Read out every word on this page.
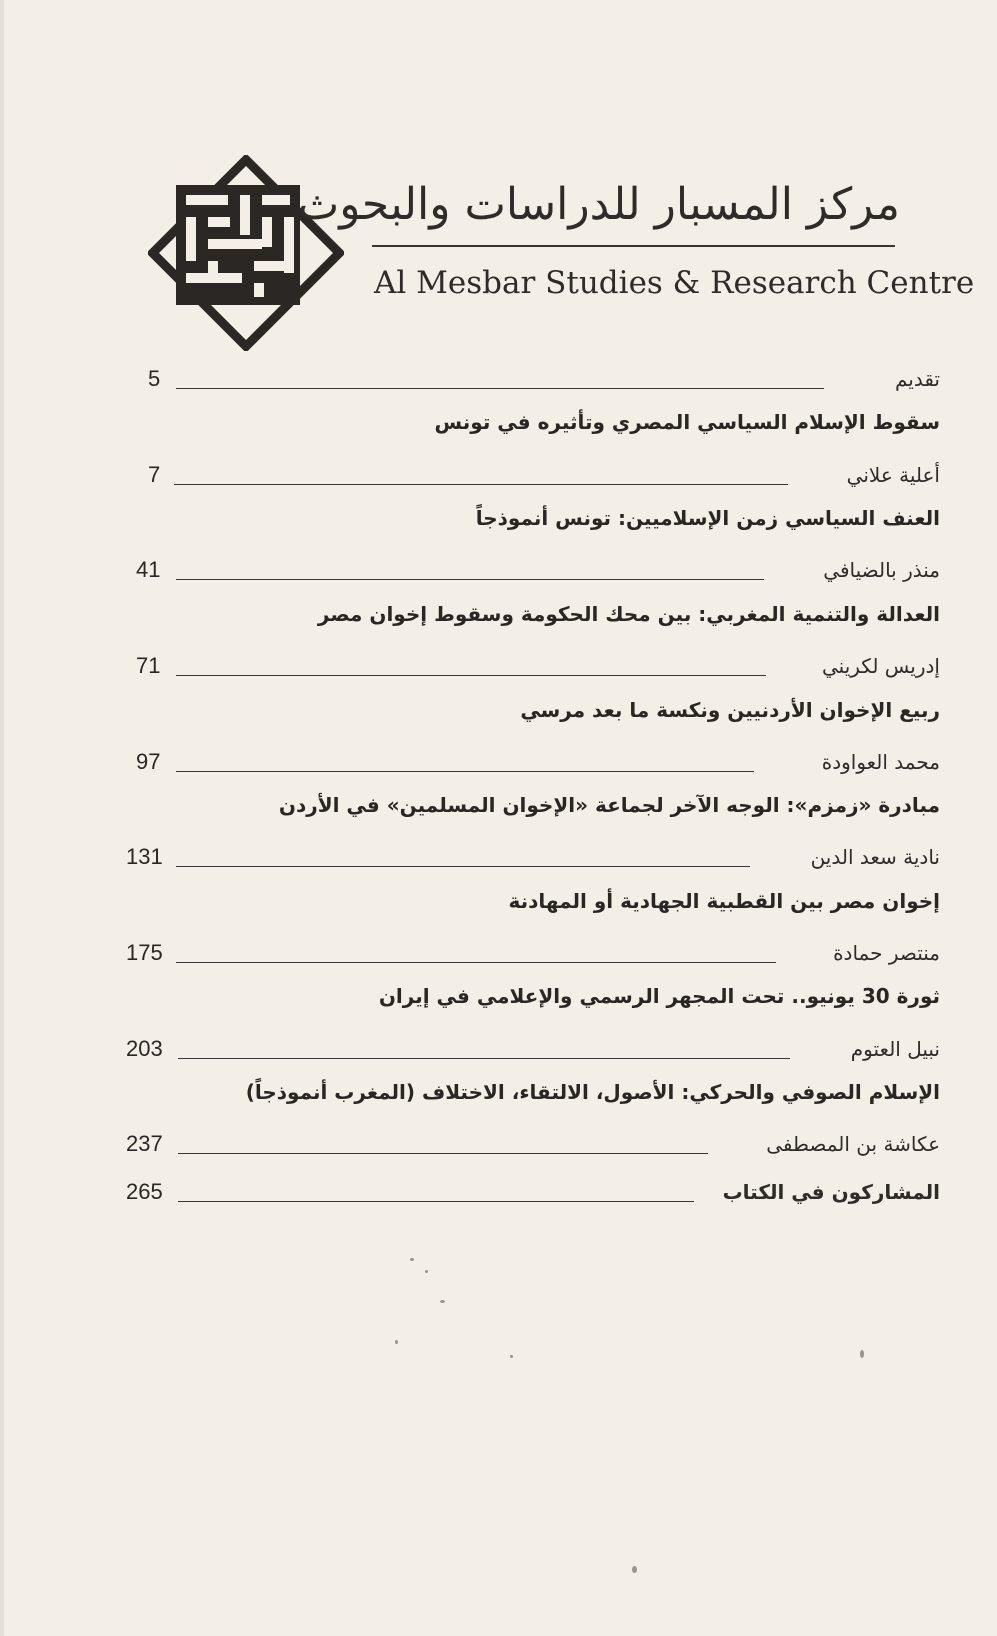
مركز المسبار للدراسات والبحوث
Al Mesbar Studies & Research Centre
5	تقديم
سقوط الإسلام السياسي المصري وتأثيره في تونس
7	أعلية علاني
العنف السياسي زمن الإسلاميين: تونس أنموذجاً
41	منذر بالضيافي
العدالة والتنمية المغربي: بين محك الحكومة وسقوط إخوان مصر
71	إدريس لكريني
ربيع الإخوان الأردنيين ونكسة ما بعد مرسي
97	محمد العواودة
مبادرة «زمزم»: الوجه الآخر لجماعة «الإخوان المسلمين» في الأردن
131	نادية سعد الدين
إخوان مصر بين القطبية الجهادية أو المهادنة
175	منتصر حمادة
ثورة 30 يونيو.. تحت المجهر الرسمي والإعلامي في إيران
203	نبيل العتوم
الإسلام الصوفي والحركي: الأصول، الالتقاء، الاختلاف (المغرب أنموذجاً)
237	عكاشة بن المصطفى
265	المشاركون في الكتاب
